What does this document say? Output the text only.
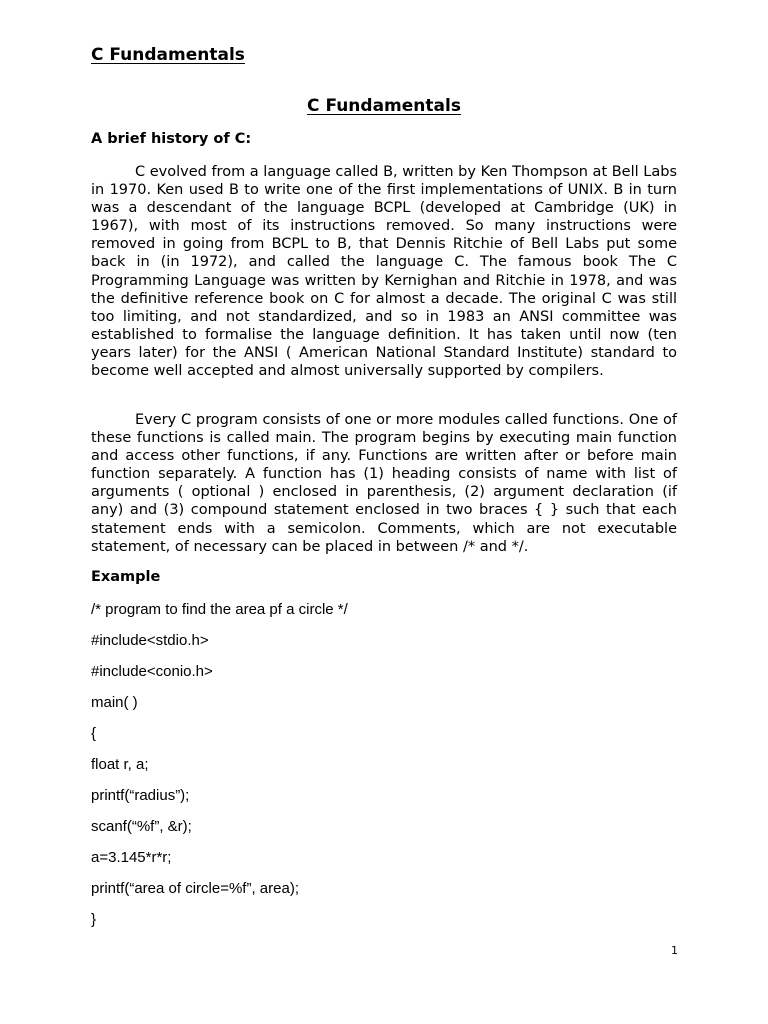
C Fundamentals

C Fundamentals
A brief history of C:

C evolved from a language called B, written by Ken Thompson at Bell Labs in 1970. Ken used B to write one of the first implementations of UNIX. B in turn was a descendant of the language BCPL (developed at Cambridge (UK) in 1967), with most of its instructions removed. So many instructions were removed in going from BCPL to B, that Dennis Ritchie of Bell Labs put some back in (in 1972), and called the language C. The famous book The C Programming Language was written by Kernighan and Ritchie in 1978, and was the definitive reference book on C for almost a decade. The original C was still too limiting, and not standardized, and so in 1983 an ANSI committee was established to formalise the language definition. It has taken until now (ten years later) for the ANSI ( American National Standard Institute) standard to become well accepted and almost universally supported by compilers.

Every C program consists of one or more modules called functions. One of these functions is called main. The program begins by executing main function and access other functions, if any. Functions are written after or before main function separately. A function has (1) heading consists of name with list of arguments ( optional ) enclosed in parenthesis, (2) argument declaration (if any) and (3) compound statement enclosed in two braces { } such that each statement ends with a semicolon. Comments, which are not executable statement, of necessary can be placed in between /* and */.

Example

/* program to find the area pf a circle */
#include<stdio.h>
#include<conio.h>
main( )
{
float r, a;
printf(“radius”);
scanf(“%f”, &r);
a=3.145*r*r;
printf(“area of circle=%f”, area);
}

1
